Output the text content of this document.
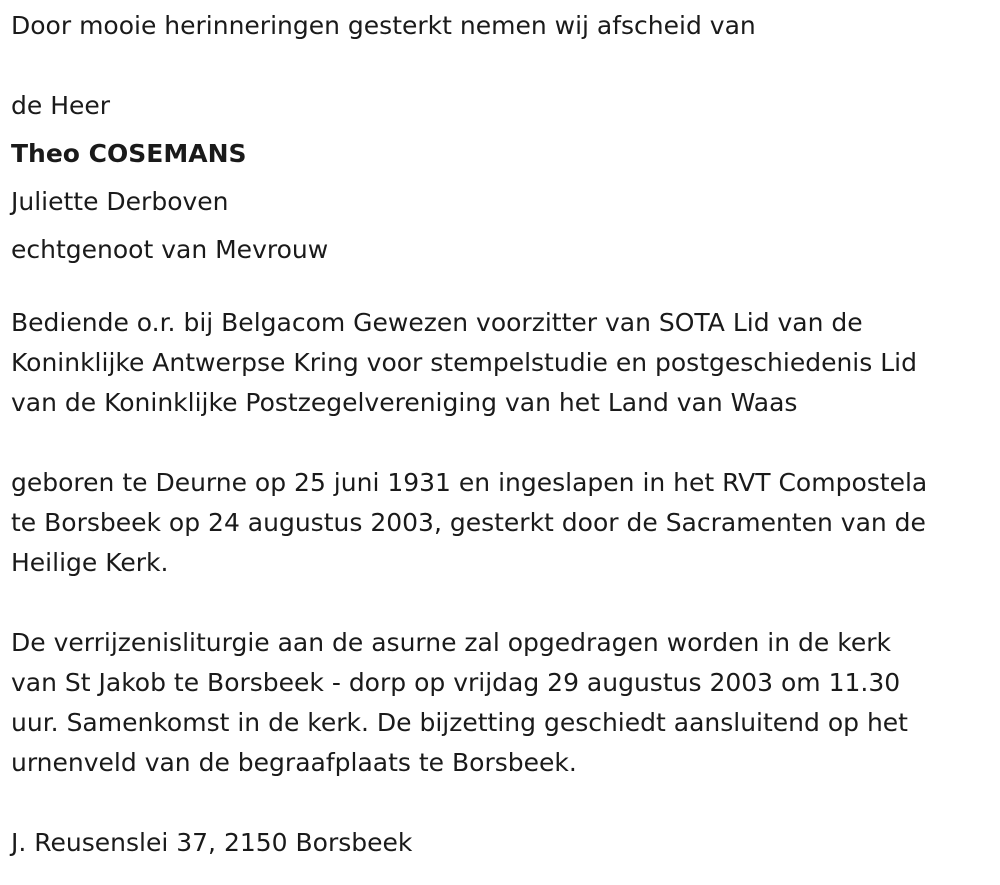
Door mooie herinneringen gesterkt nemen wij afscheid van

de Heer

Theo COSEMANS

Juliette Derboven

echtgenoot van Mevrouw

Bediende o.r. bij Belgacom Gewezen voorzitter van SOTA Lid van de

Koninklijke Antwerpse Kring voor stempelstudie en postgeschiedenis Lid

van de Koninklijke Postzegelvereniging van het Land van Waas

geboren te Deurne op 25 juni 1931 en ingeslapen in het RVT Compostela

te Borsbeek op 24 augustus 2003, gesterkt door de Sacramenten van de

Heilige Kerk.

De verrijzenisliturgie aan de asurne zal opgedragen worden in de kerk

van St Jakob te Borsbeek - dorp op vrijdag 29 augustus 2003 om 11.30

uur. Samenkomst in de kerk. De bijzetting geschiedt aansluitend op het

urnenveld van de begraafplaats te Borsbeek.

J. Reusenslei 37, 2150 Borsbeek
